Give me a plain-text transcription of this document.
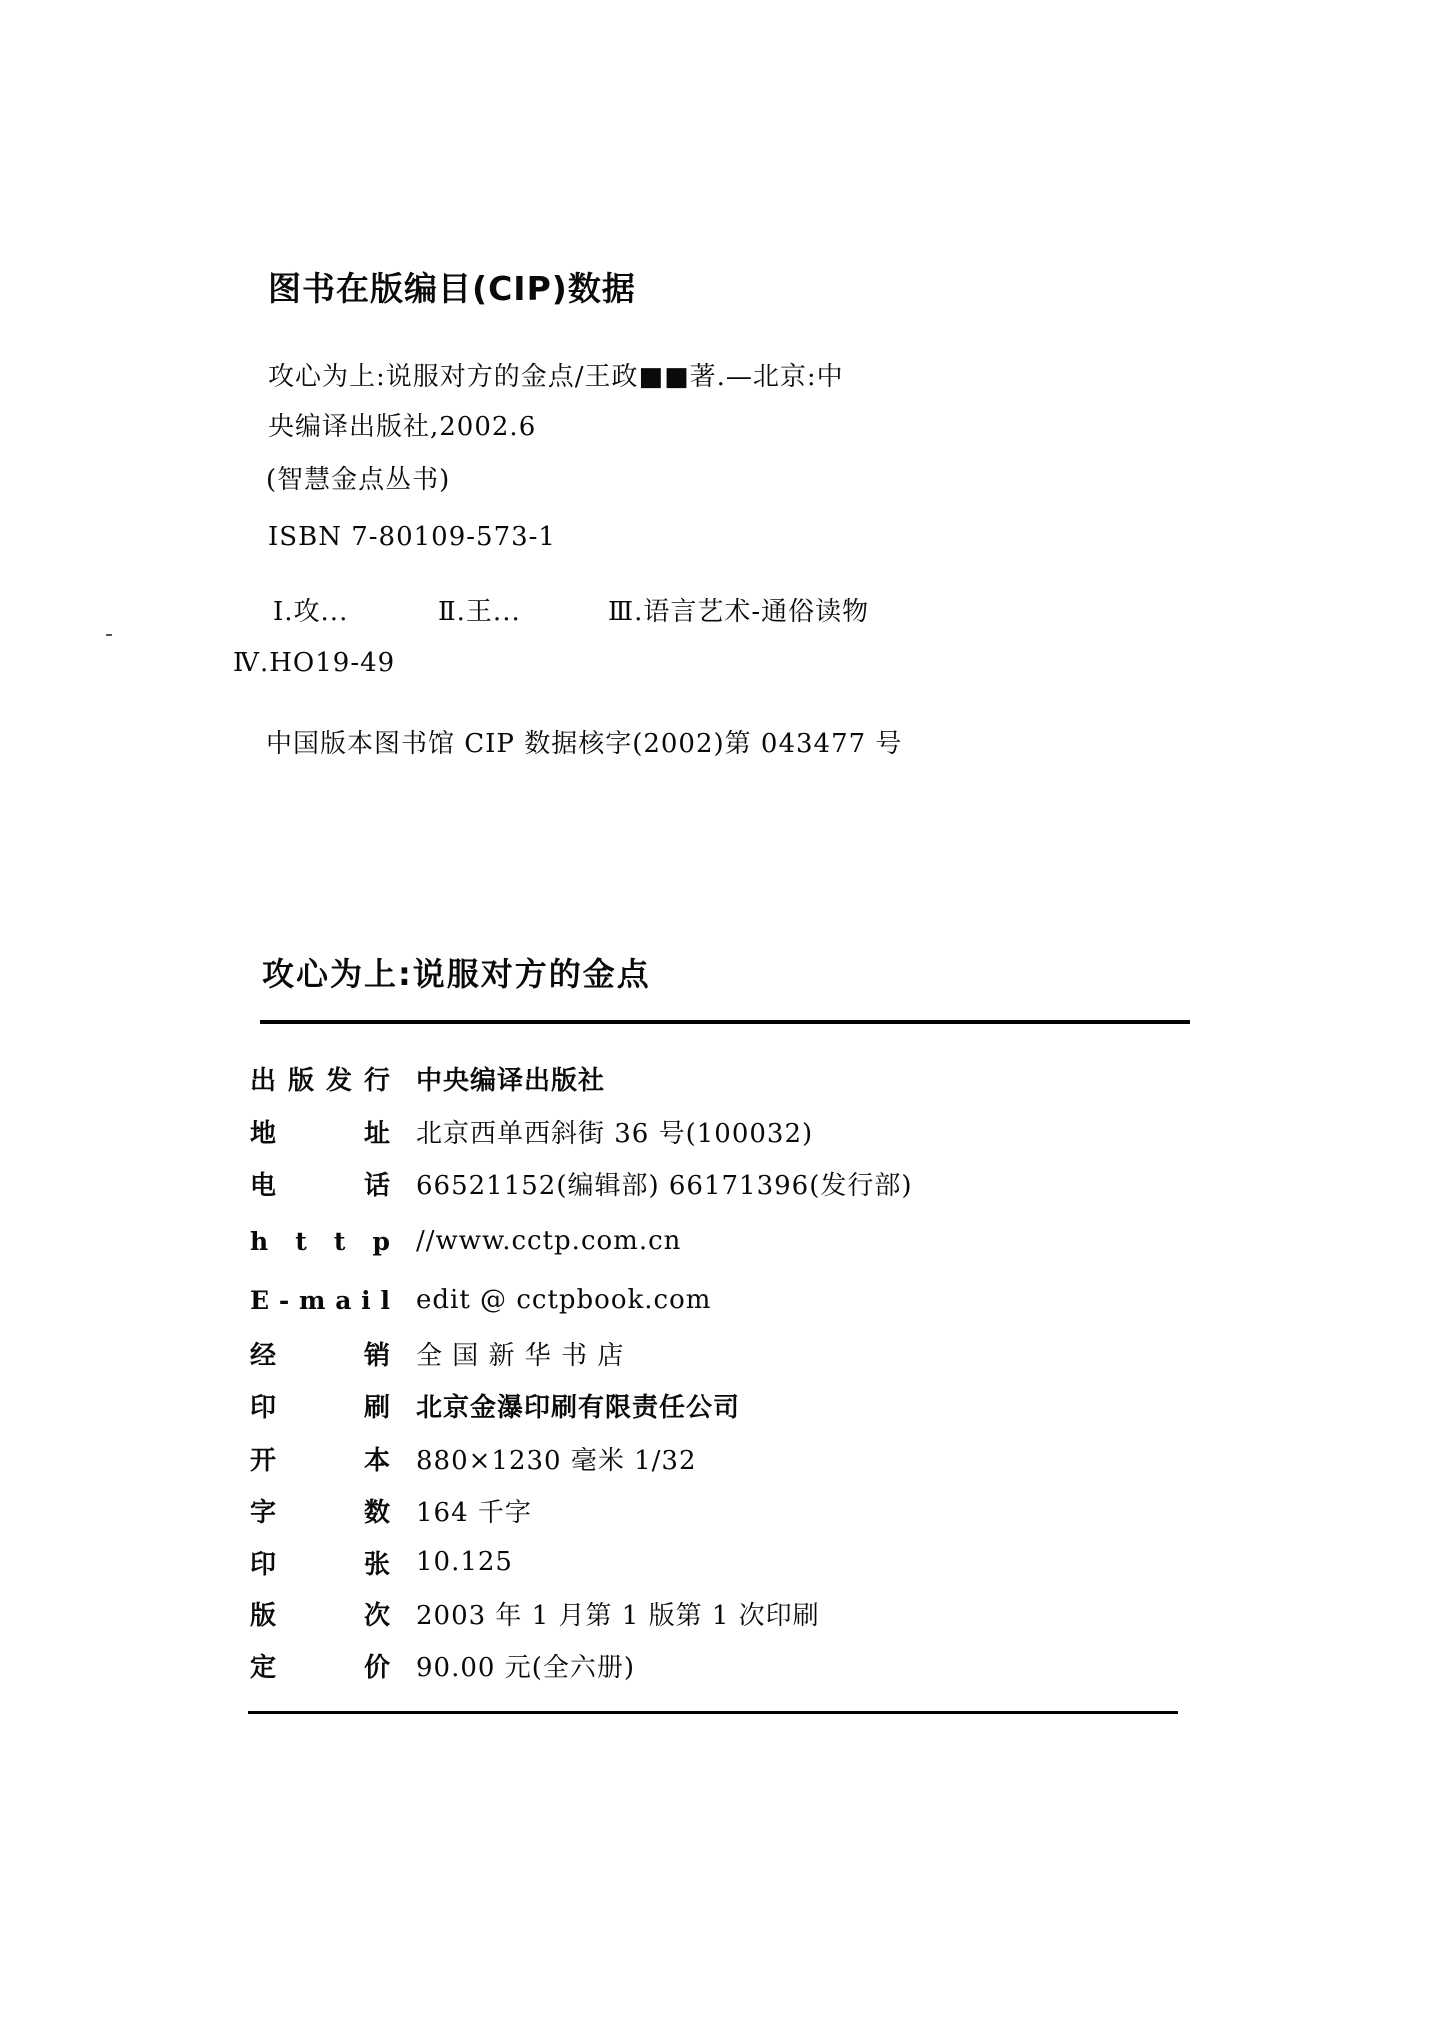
图书在版编目(CIP)数据
攻心为上:说服对方的金点/王政■■著.—北京:中
央编译出版社,2002.6
(智慧金点丛书)
ISBN 7-80109-573-1
Ⅰ.攻...	Ⅱ.王...	Ⅲ.语言艺术-通俗读物
Ⅳ.HO19-49
中国版本图书馆 CIP 数据核字(2002)第 043477 号
攻心为上:说服对方的金点
出 版 发 行 中央编译出版社
地	址 北京西单西斜街 36 号(100032)
电	话 66521152(编辑部) 66171396(发行部)
h t t p //www.cctp.com.cn
E - m a i l edit @ cctpbook.com
经	销 全 国 新 华 书 店
印	刷 北京金瀑印刷有限责任公司
开	本 880×1230 毫米 1/32
字	数 164 千字
印	张 10.125
版	次 2003 年 1 月第 1 版第 1 次印刷
定	价 90.00 元(全六册)
